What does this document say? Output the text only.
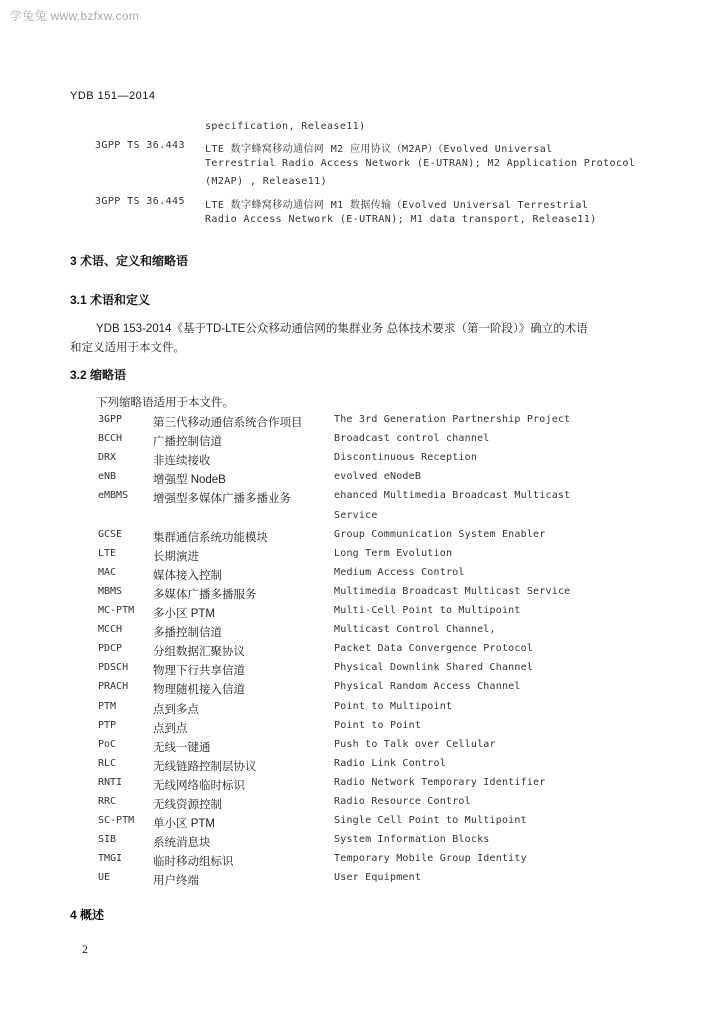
学兔兔 www.bzfxw.com
YDB 151—2014

specification, Release11)

3GPP TS 36.443 LTE 数字蜂窝移动通信网 M2 应用协议（M2AP）（Evolved Universal

Terrestrial Radio Access Network (E-UTRAN); M2 Application Protocol

(M2AP) , Release11)

3GPP TS 36.445 LTE 数字蜂窝移动通信网 M1 数据传输（Evolved Universal Terrestrial

Radio Access Network (E-UTRAN); M1 data transport, Release11)

3 术语、定义和缩略语
3.1 术语和定义

YDB 153-2014《基于TD-LTE公众移动通信网的集群业务 总体技术要求（第一阶段）》确立的术语

和定义适用于本文件。

3.2 缩略语

下列缩略语适用于本文件。

3GPP	第三代移动通信系统合作项目	The 3rd Generation Partnership Project
BCCH	广播控制信道	Broadcast control channel
DRX	非连续接收	Discontinuous Reception
eNB	增强型 NodeB	evolved eNodeB
eMBMS 增强型多媒体广播多播业务	ehanced Multimedia Broadcast Multicast
Service
GCSE	集群通信系统功能模块	Group Communication System Enabler
LTE	长期演进	Long Term Evolution
MAC	媒体接入控制	Medium Access Control
MBMS	多媒体广播多播服务	Multimedia Broadcast Multicast Service
MC-PTM 多小区 PTM	Multi-Cell Point to Multipoint
MCCH	多播控制信道	Multicast Control Channel,
PDCP	分组数据汇聚协议	Packet Data Convergence Protocol
PDSCH 物理下行共享信道	Physical Downlink Shared Channel
PRACH 物理随机接入信道	Physical Random Access Channel
PTM	点到多点	Point to Multipoint
PTP	点到点	Point to Point
PoC	无线一键通	Push to Talk over Cellular
RLC	无线链路控制层协议	Radio Link Control
RNTI	无线网络临时标识	Radio Network Temporary Identifier
RRC	无线资源控制	Radio Resource Control
SC-PTM 单小区 PTM	Single Cell Point to Multipoint
SIB	系统消息块	System Information Blocks
TMGI	临时移动组标识	Temporary Mobile Group Identity
UE	用户终端	User Equipment
4 概述
2
